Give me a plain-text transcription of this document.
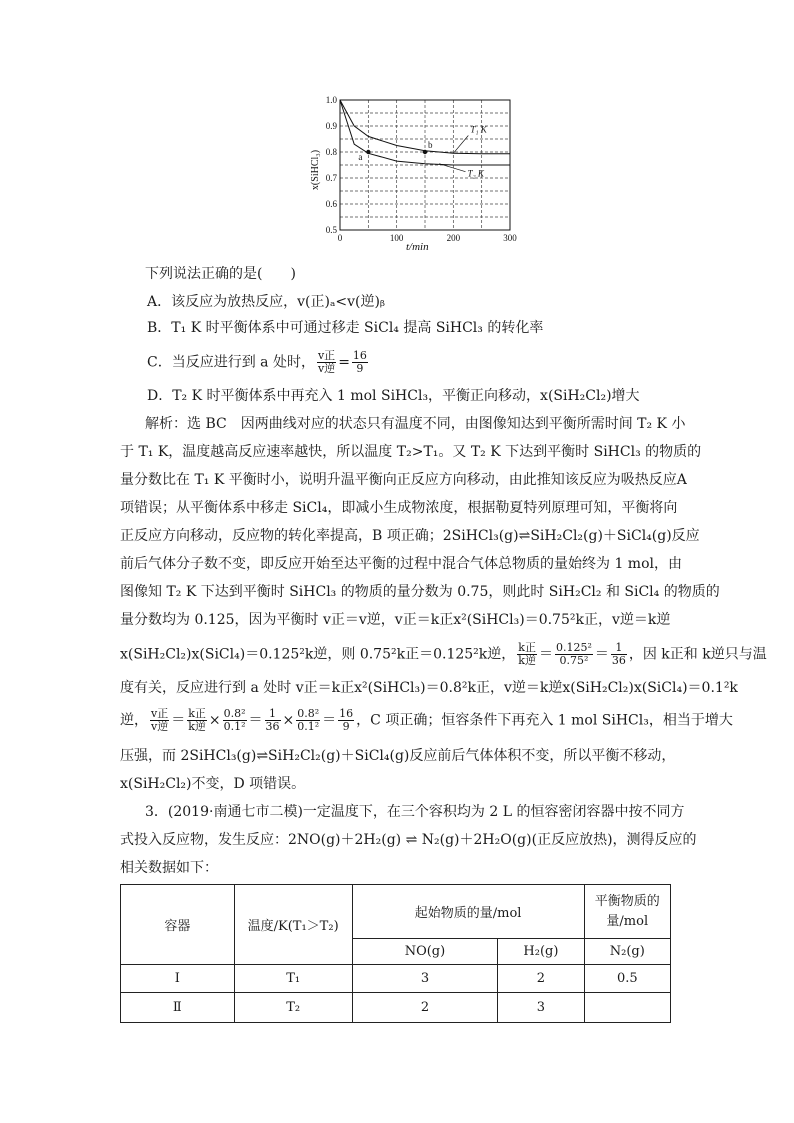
0	100	200	300
0.5
0.6
0.7
0.8
0.9
1.0
T₁ K
T₂ K
a
b
t/min
x(SiHCl₃)
下列说法正确的是(　　)
A．该反应为放热反应，v(正)ₐ<v(逆)ᵦ
B．T₁ K 时平衡体系中可通过移走 SiCl₄ 提高 SiHCl₃ 的转化率
C．当反应进行到 a 处时， $\frac{\text{v正}}{\text{v逆}} = \frac{16}{9}$
D．T₂ K 时平衡体系中再充入 1 mol SiHCl₃，平衡正向移动，x(SiH₂Cl₂)增大
解析：选 BC　因两曲线对应的状态只有温度不同，由图像知达到平衡所需时间 T₂ K 小
于 T₁ K，温度越高反应速率越快，所以温度 T₂>T₁。又 T₂ K 下达到平衡时 SiHCl₃ 的物质的
量分数比在 T₁ K 平衡时小，说明升温平衡向正反应方向移动，由此推知该反应为吸热反应A
项错误；从平衡体系中移走 SiCl₄，即减小生成物浓度，根据勒夏特列原理可知，平衡将向
正反应方向移动，反应物的转化率提高，B 项正确；2SiHCl₃(g)⇌SiH₂Cl₂(g)＋SiCl₄(g)反应
前后气体分子数不变，即反应开始至达平衡的过程中混合气体总物质的量始终为 1 mol，由
图像知 T₂ K 下达到平衡时 SiHCl₃ 的物质的量分数为 0.75，则此时 SiH₂Cl₂ 和 SiCl₄ 的物质的
量分数均为 0.125，因为平衡时 v正＝v逆，v正＝k正x²(SiHCl₃)＝0.75²k正，v逆＝k逆
x(SiH₂Cl₂)x(SiCl₄)＝0.125²k逆，则 0.75²k正＝0.125²k逆， $\frac{\text{k正}}{\text{k逆}} = \frac{\text{0.125²}}{\text{0.75²}} = \frac{1}{36}$ ，因 k正和 k逆只与温
度有关，反应进行到 a 处时 v正＝k正x²(SiHCl₃)＝0.8²k正，v逆＝k逆x(SiH₂Cl₂)x(SiCl₄)＝0.1²k
逆， $\frac{\text{v正}}{\text{v逆}} = \frac{\text{k正}}{\text{k逆}} \times \frac{\text{0.8²}}{\text{0.1²}} = \frac{1}{36} \times \frac{\text{0.8²}}{\text{0.1²}} = \frac{16}{9}$ ，C 项正确；恒容条件下再充入 1 mol SiHCl₃，相当于增大
压强，而 2SiHCl₃(g)⇌SiH₂Cl₂(g)＋SiCl₄(g)反应前后气体体积不变，所以平衡不移动，
x(SiH₂Cl₂)不变，D 项错误。
3．(2019·南通七市二模)一定温度下，在三个容积均为 2 L 的恒容密闭容器中按不同方
式投入反应物，发生反应：2NO(g)＋2H₂(g) ⇌ N₂(g)＋2H₂O(g)(正反应放热)，测得反应的
相关数据如下：
容器	温度/K(T₁＞T₂)	起始物质的量/mol		平衡物质的
量/mol
		NO(g)	H₂(g)	N₂(g)
Ⅰ	T₁	3	2	0.5
Ⅱ	T₂	2	3	
